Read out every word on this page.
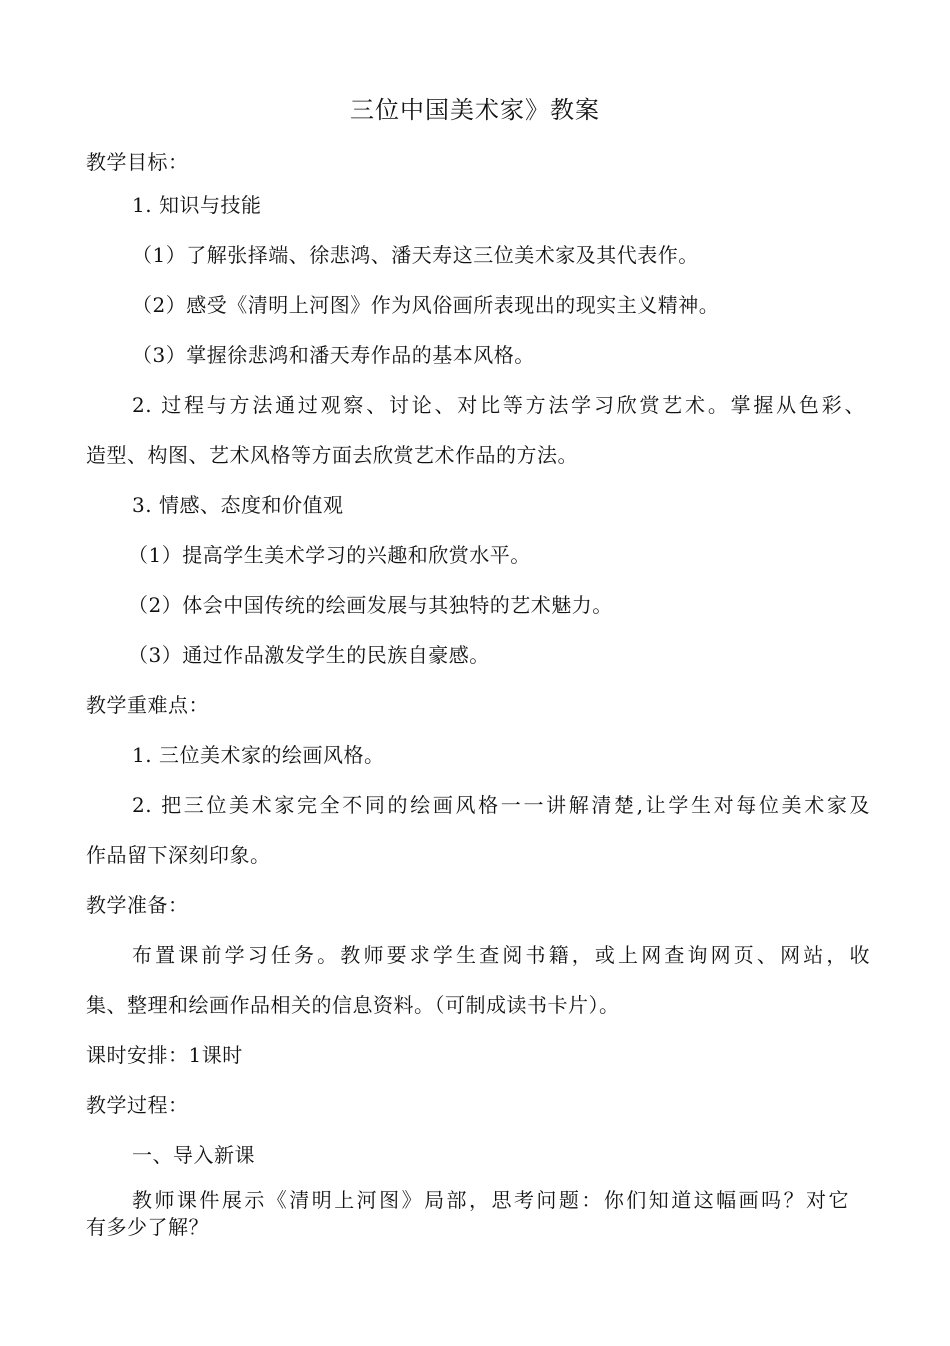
三位中国美术家》教案
教学目标：
1. 知识与技能
（1）了解张择端、徐悲鸿、潘天寿这三位美术家及其代表作。
（2）感受《清明上河图》作为风俗画所表现出的现实主义精神。
（3）掌握徐悲鸿和潘天寿作品的基本风格。
2. 过程与方法通过观察、讨论、对比等方法学习欣赏艺术。掌握从色彩、
造型、构图、艺术风格等方面去欣赏艺术作品的方法。
3. 情感、态度和价值观
（1）提高学生美术学习的兴趣和欣赏水平。
（2）体会中国传统的绘画发展与其独特的艺术魅力。
（3）通过作品激发学生的民族自豪感。
教学重难点：
1. 三位美术家的绘画风格。
2. 把三位美术家完全不同的绘画风格一一讲解清楚,让学生对每位美术家及
作品留下深刻印象。
教学准备：
布置课前学习任务。教师要求学生查阅书籍，或上网查询网页、网站，收
集、整理和绘画作品相关的信息资料。（可制成读书卡片）。
课时安排：1课时
教学过程：
一、导入新课
教师课件展示《清明上河图》局部，思考问题：你们知道这幅画吗？对它
有多少了解？
